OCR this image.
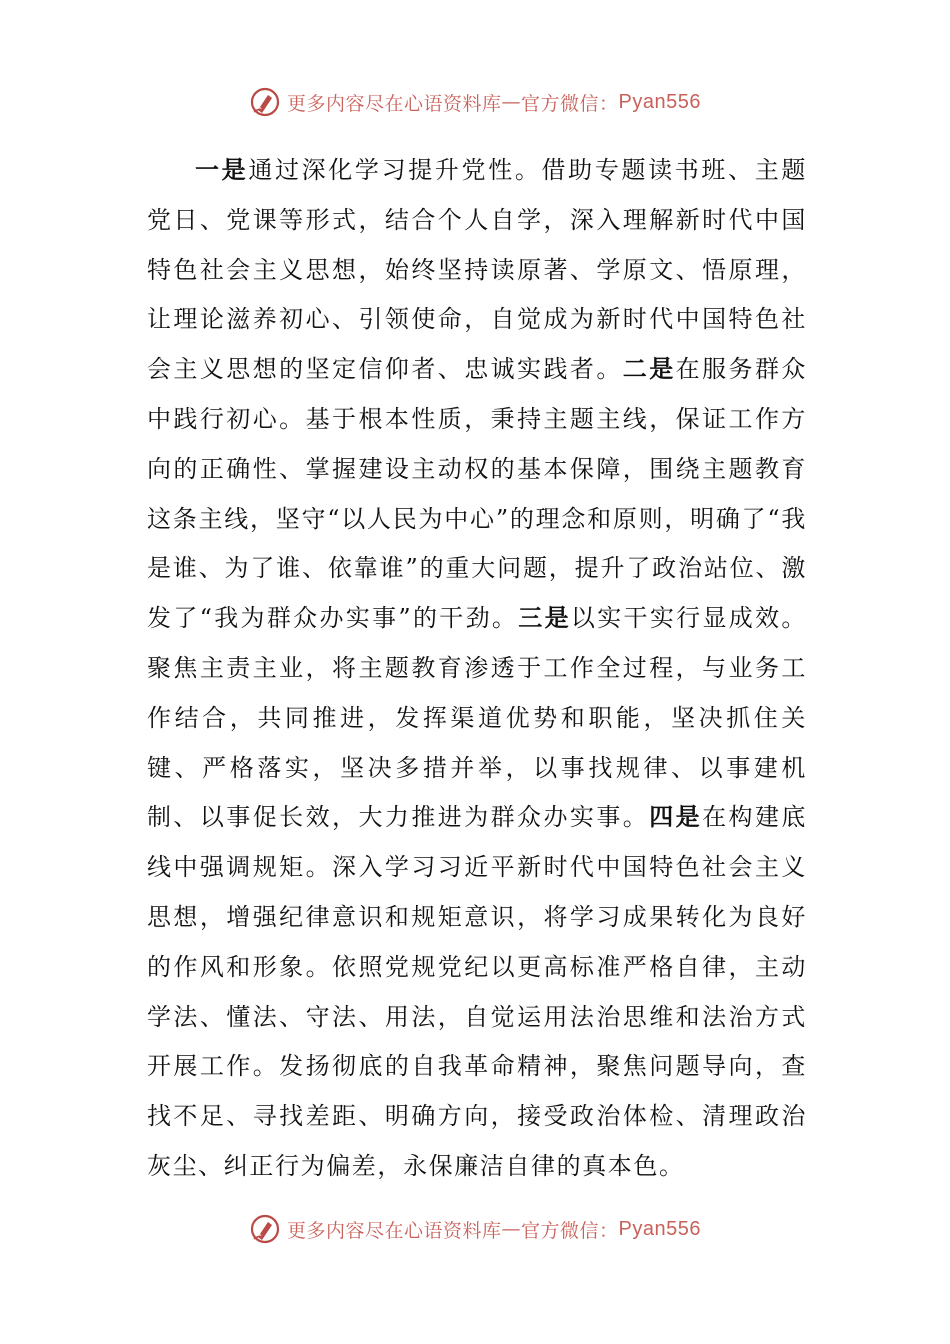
更多内容尽在心语资料库 — 官方微信： Pyan556

一是通过深化学习提升党性。借助专题读书班、主题党日、党课等形式，结合个人自学，深入理解新时代中国特色社会主义思想，始终坚持读原著、学原文、悟原理，让理论滋养初心、引领使命，自觉成为新时代中国特色社会主义思想的坚定信仰者、忠诚实践者。二是在服务群众中践行初心。基于根本性质，秉持主题主线，保证工作方向的正确性、掌握建设主动权的基本保障，围绕主题教育这条主线，坚守“以人民为中心”的理念和原则，明确了“我是谁、为了谁、依靠谁”的重大问题，提升了政治站位、激发了“我为群众办实事”的干劲。三是以实干实行显成效。聚焦主责主业，将主题教育渗透于工作全过程，与业务工作结合，共同推进，发挥渠道优势和职能，坚决抓住关键、严格落实，坚决多措并举，以事找规律、以事建机制、以事促长效，大力推进为群众办实事。四是在构建底线中强调规矩。深入学习习近平新时代中国特色社会主义思想，增强纪律意识和规矩意识，将学习成果转化为良好的作风和形象。依照党规党纪以更高标准严格自律，主动学法、懂法、守法、用法，自觉运用法治思维和法治方式开展工作。发扬彻底的自我革命精神，聚焦问题导向，查找不足、寻找差距、明确方向，接受政治体检、清理政治灰尘、纠正行为偏差，永保廉洁自律的真本色。

更多内容尽在心语资料库 — 官方微信： Pyan556
